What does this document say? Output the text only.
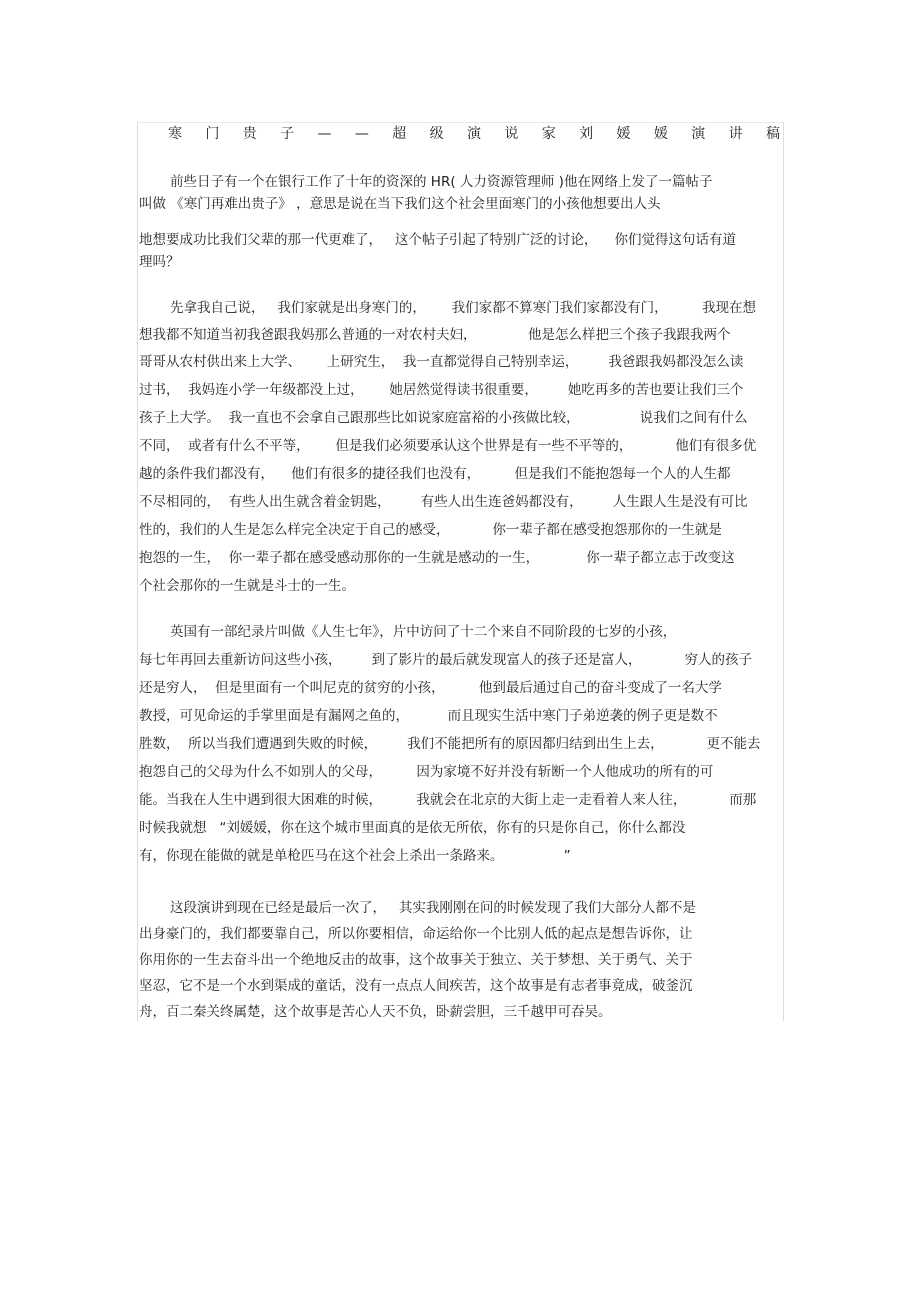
寒 门 贵 子 — — 超 级 演 说 家 刘 媛 媛 演 讲 稿
前些日子有一个在银行工作了十年的资深的 HR( 人力资源管理师 )他在网络上发了一篇帖子
叫做 《寒门再难出贵子》 ，意思是说在当下我们这个社会里面寒门的小孩他想要出人头
地想要成功比我们父辈的那一代更难了，   这个帖子引起了特别广泛的讨论，    你们觉得这句话有道
理吗？
先拿我自己说，   我们家就是出身寒门的，      我们家都不算寒门我们家都没有门，        我现在想
想我都不知道当初我爸跟我妈那么普通的一对农村夫妇，            他是怎么样把三个孩子我跟我两个
哥哥从农村供出来上大学、      上研究生，  我一直都觉得自己特别幸运，       我爸跟我妈都没怎么读
过书，  我妈连小学一年级都没上过，      她居然觉得读书很重要，       她吃再多的苦也要让我们三个
孩子上大学。  我一直也不会拿自己跟那些比如说家庭富裕的小孩做比较，              说我们之间有什么
不同，  或者有什么不平等，      但是我们必须要承认这个世界是有一些不平等的，          他们有很多优
越的条件我们都没有，    他们有很多的捷径我们也没有，        但是我们不能抱怨每一个人的人生都
不尽相同的，  有些人出生就含着金钥匙，       有些人出生连爸妈都没有，       人生跟人生是没有可比
性的，我们的人生是怎么样完全决定于自己的感受，          你一辈子都在感受抱怨那你的一生就是
抱怨的一生，  你一辈子都在感受感动那你的一生就是感动的一生，           你一辈子都立志于改变这
个社会那你的一生就是斗士的一生。
英国有一部纪录片叫做《人生七年》，片中访问了十二个来自不同阶段的七岁的小孩，
每七年再回去重新访问这些小孩，       到了影片的最后就发现富人的孩子还是富人，          穷人的孩子
还是穷人，  但是里面有一个叫尼克的贫穷的小孩，        他到最后通过自己的奋斗变成了一名大学
教授，可见命运的手掌里面是有漏网之鱼的，         而且现实生活中寒门子弟逆袭的例子更是数不
胜数，  所以当我们遭遇到失败的时候，       我们不能把所有的原因都归结到出生上去，          更不能去
抱怨自己的父母为什么不如别人的父母，        因为家境不好并没有斩断一个人他成功的所有的可
能。当我在人生中遇到很大困难的时候，        我就会在北京的大街上走一走看着人来人往，          而那
时候我就想   “刘媛媛，你在这个城市里面真的是依无所依，你有的只是你自己，你什么都没
有，你现在能做的就是单枪匹马在这个社会上杀出一条路来。              ”
这段演讲到现在已经是最后一次了，   其实我刚刚在问的时候发现了我们大部分人都不是
出身豪门的，我们都要靠自己，所以你要相信，命运给你一个比别人低的起点是想告诉你，让
你用你的一生去奋斗出一个绝地反击的故事，这个故事关于独立、关于梦想、关于勇气、关于
坚忍，它不是一个水到渠成的童话，没有一点点人间疾苦，这个故事是有志者事竟成，破釜沉
舟，百二秦关终属楚，这个故事是苦心人天不负，卧薪尝胆，三千越甲可吞吴。
